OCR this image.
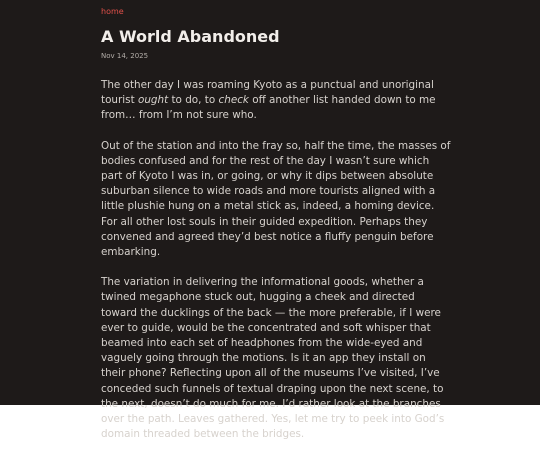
home
A World Abandoned
Nov 14, 2025

The other day I was roaming Kyoto as a punctual and unoriginal tourist ought to do, to check off another list handed down to me from… from I’m not sure who.

Out of the station and into the fray so, half the time, the masses of bodies confused and for the rest of the day I wasn’t sure which part of Kyoto I was in, or going, or why it dips between absolute suburban silence to wide roads and more tourists aligned with a little plushie hung on a metal stick as, indeed, a homing device. For all other lost souls in their guided expedition. Perhaps they convened and agreed they’d best notice a fluffy penguin before embarking.

The variation in delivering the informational goods, whether a twined megaphone stuck out, hugging a cheek and directed toward the ducklings of the back — the more preferable, if I were ever to guide, would be the concentrated and soft whisper that beamed into each set of headphones from the wide-eyed and vaguely going through the motions. Is it an app they install on their phone? Reflecting upon all of the museums I’ve visited, I’ve conceded such funnels of textual draping upon the next scene, to the next, doesn’t do much for me. I’d rather look at the branches over the path. Leaves gathered. Yes, let me try to peek into God’s domain threaded between the bridges.
